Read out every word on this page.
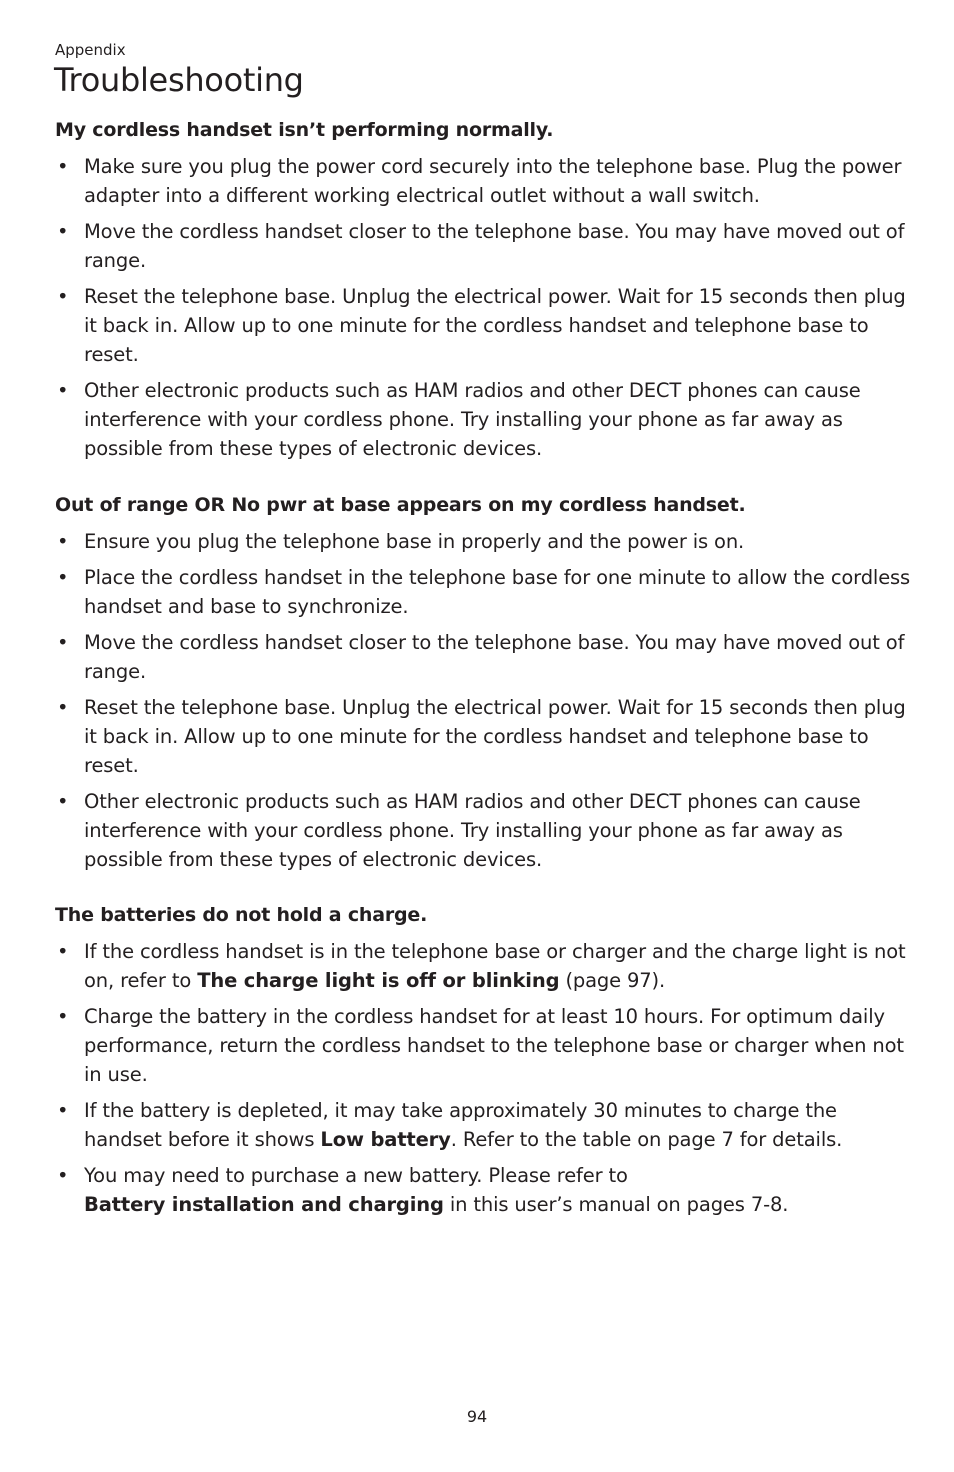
Appendix
Troubleshooting
My cordless handset isn’t performing normally.
• Make sure you plug the power cord securely into the telephone base. Plug the power adapter into a different working electrical outlet without a wall switch.
• Move the cordless handset closer to the telephone base. You may have moved out of range.
• Reset the telephone base. Unplug the electrical power. Wait for 15 seconds then plug it back in. Allow up to one minute for the cordless handset and telephone base to reset.
• Other electronic products such as HAM radios and other DECT phones can cause interference with your cordless phone. Try installing your phone as far away as possible from these types of electronic devices.
Out of range OR No pwr at base appears on my cordless handset.
• Ensure you plug the telephone base in properly and the power is on.
• Place the cordless handset in the telephone base for one minute to allow the cordless handset and base to synchronize.
• Move the cordless handset closer to the telephone base. You may have moved out of range.
• Reset the telephone base. Unplug the electrical power. Wait for 15 seconds then plug it back in. Allow up to one minute for the cordless handset and telephone base to reset.
• Other electronic products such as HAM radios and other DECT phones can cause interference with your cordless phone. Try installing your phone as far away as possible from these types of electronic devices.
The batteries do not hold a charge.
• If the cordless handset is in the telephone base or charger and the charge light is not on, refer to The charge light is off or blinking (page 97).
• Charge the battery in the cordless handset for at least 10 hours. For optimum daily performance, return the cordless handset to the telephone base or charger when not in use.
• If the battery is depleted, it may take approximately 30 minutes to charge the handset before it shows Low battery. Refer to the table on page 7 for details.
• You may need to purchase a new battery. Please refer to
Battery installation and charging in this user’s manual on pages 7-8.
94
